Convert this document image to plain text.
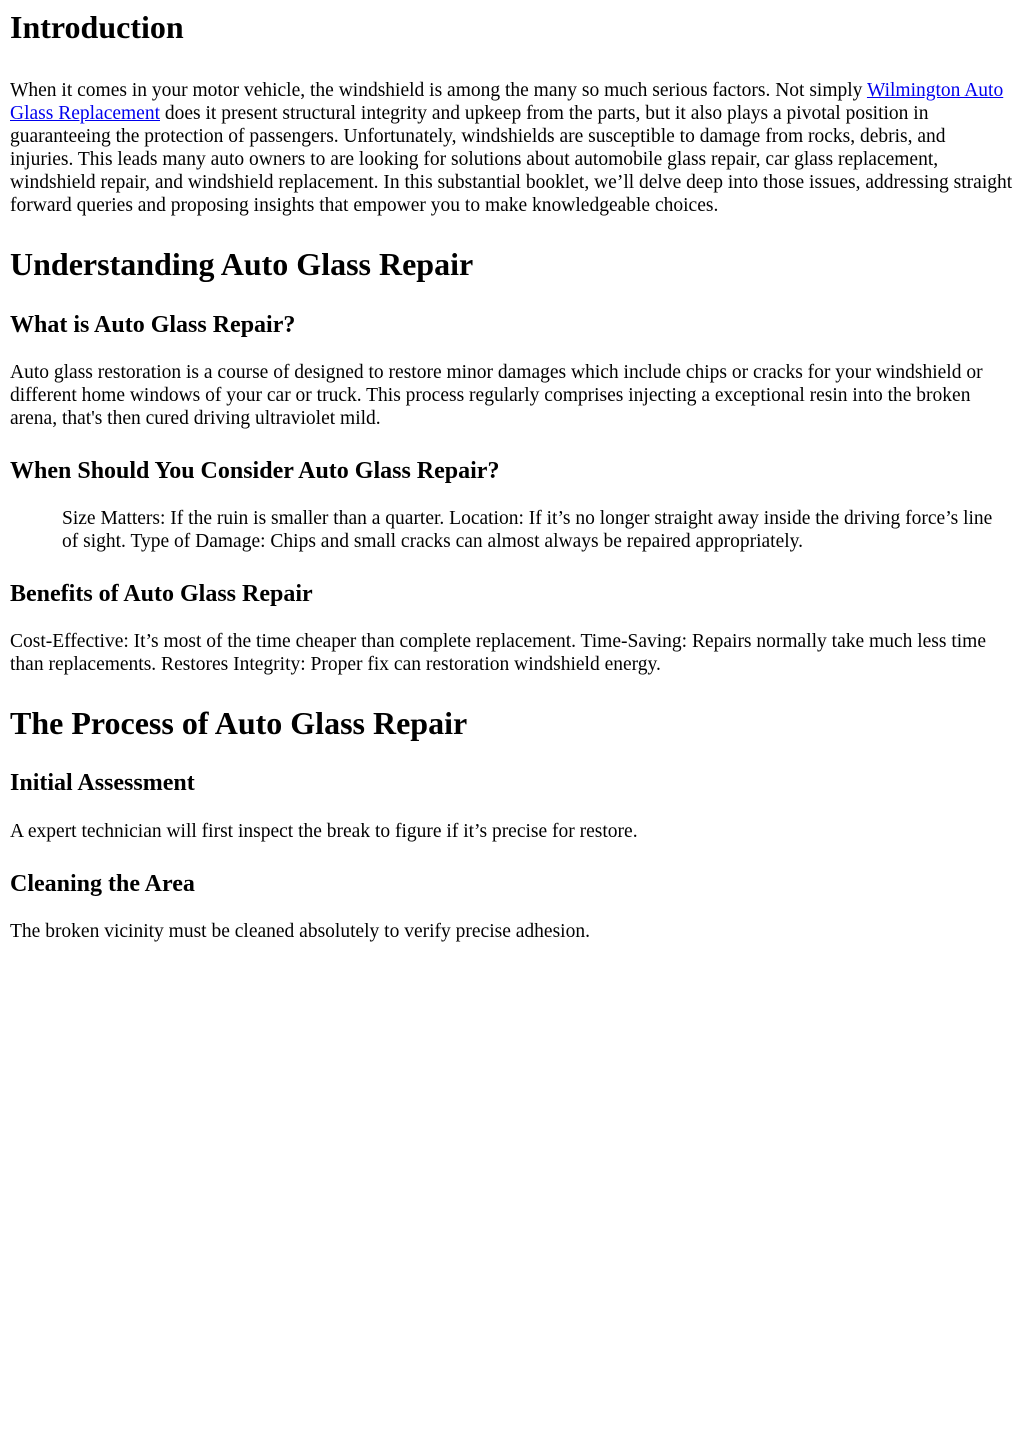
Introduction

When it comes in your motor vehicle, the windshield is among the many so much serious factors. Not simply Wilmington Auto Glass Replacement does it present structural integrity and upkeep from the parts, but it also plays a pivotal position in guaranteeing the protection of passengers. Unfortunately, windshields are susceptible to damage from rocks, debris, and injuries. This leads many auto owners to are looking for solutions about automobile glass repair, car glass replacement, windshield repair, and windshield replacement. In this substantial booklet, we’ll delve deep into those issues, addressing straight forward queries and proposing insights that empower you to make knowledgeable choices.

Understanding Auto Glass Repair
What is Auto Glass Repair?

Auto glass restoration is a course of designed to restore minor damages which include chips or cracks for your windshield or different home windows of your car or truck. This process regularly comprises injecting a exceptional resin into the broken arena, that's then cured driving ultraviolet mild.

When Should You Consider Auto Glass Repair?
Size Matters: If the ruin is smaller than a quarter. Location: If it’s no longer straight away inside the driving force’s line of sight. Type of Damage: Chips and small cracks can almost always be repaired appropriately.
Benefits of Auto Glass Repair

Cost-Effective: It’s most of the time cheaper than complete replacement. Time-Saving: Repairs normally take much less time than replacements. Restores Integrity: Proper fix can restoration windshield energy.

The Process of Auto Glass Repair
Initial Assessment

A expert technician will first inspect the break to figure if it’s precise for restore.

Cleaning the Area

The broken vicinity must be cleaned absolutely to verify precise adhesion.
